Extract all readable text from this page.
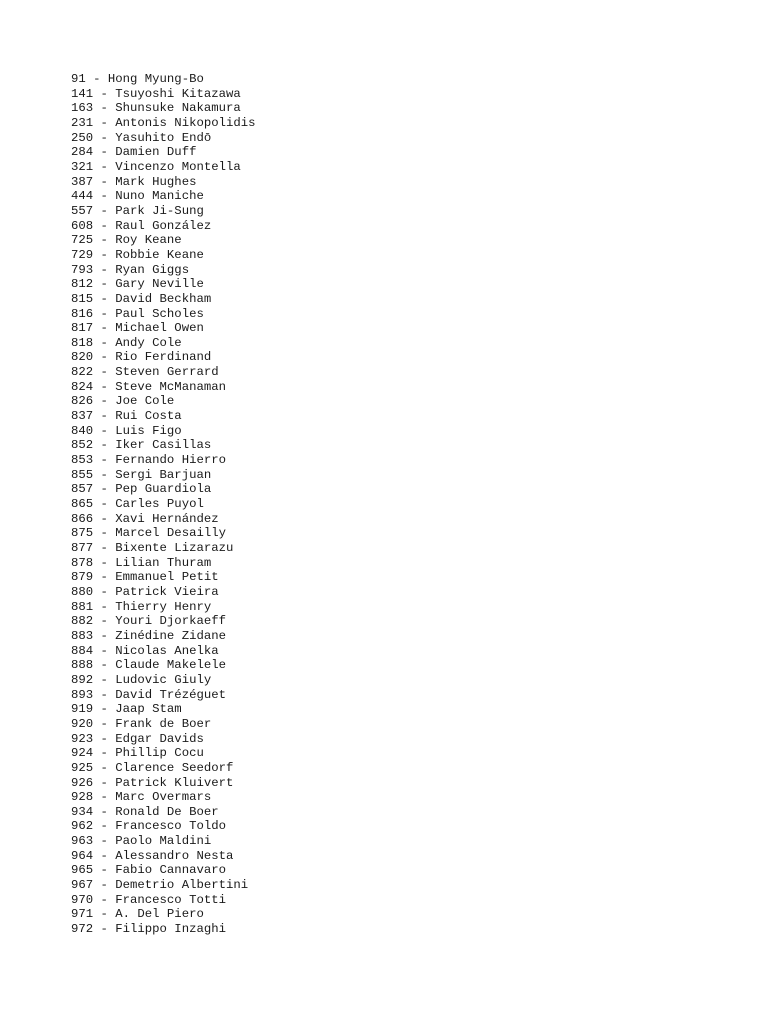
91 - Hong Myung-Bo
141 - Tsuyoshi Kitazawa
163 - Shunsuke Nakamura
231 - Antonis Nikopolidis
250 - Yasuhito Endō
284 - Damien Duff
321 - Vincenzo Montella
387 - Mark Hughes
444 - Nuno Maniche
557 - Park Ji-Sung
608 - Raul González
725 - Roy Keane
729 - Robbie Keane
793 - Ryan Giggs
812 - Gary Neville
815 - David Beckham
816 - Paul Scholes
817 - Michael Owen
818 - Andy Cole
820 - Rio Ferdinand
822 - Steven Gerrard
824 - Steve McManaman
826 - Joe Cole
837 - Rui Costa
840 - Luis Figo
852 - Iker Casillas
853 - Fernando Hierro
855 - Sergi Barjuan
857 - Pep Guardiola
865 - Carles Puyol
866 - Xavi Hernández
875 - Marcel Desailly
877 - Bixente Lizarazu
878 - Lilian Thuram
879 - Emmanuel Petit
880 - Patrick Vieira
881 - Thierry Henry
882 - Youri Djorkaeff
883 - Zinédine Zidane
884 - Nicolas Anelka
888 - Claude Makelele
892 - Ludovic Giuly
893 - David Trézéguet
919 - Jaap Stam
920 - Frank de Boer
923 - Edgar Davids
924 - Phillip Cocu
925 - Clarence Seedorf
926 - Patrick Kluivert
928 - Marc Overmars
934 - Ronald De Boer
962 - Francesco Toldo
963 - Paolo Maldini
964 - Alessandro Nesta
965 - Fabio Cannavaro
967 - Demetrio Albertini
970 - Francesco Totti
971 - A. Del Piero
972 - Filippo Inzaghi
